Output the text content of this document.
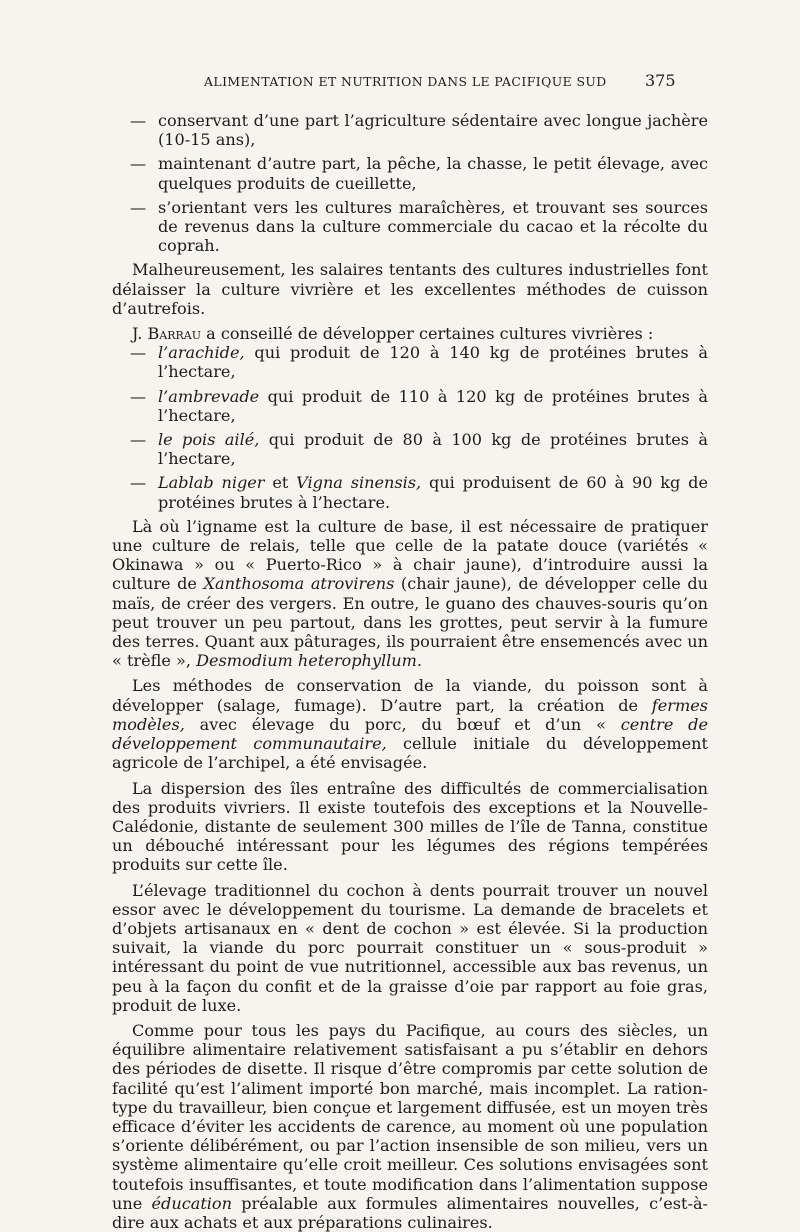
ALIMENTATION ET NUTRITION DANS LE PACIFIQUE SUD	375
— conservant d’une part l’agriculture sédentaire avec longue jachère (10-15 ans),
— maintenant d’autre part, la pêche, la chasse, le petit élevage, avec quelques produits de cueillette,
— s’orientant vers les cultures maraîchères, et trouvant ses sources de revenus dans la culture commerciale du cacao et la récolte du coprah.

Malheureusement, les salaires tentants des cultures industrielles font délaisser la culture vivrière et les excellentes méthodes de cuisson d’autrefois.

J. Barrau a conseillé de développer certaines cultures vivrières :

— l’arachide, qui produit de 120 à 140 kg de protéines brutes à l’hectare,
— l’ambrevade qui produit de 110 à 120 kg de protéines brutes à l’hectare,
— le pois ailé, qui produit de 80 à 100 kg de protéines brutes à l’hectare,
— Lablab niger et Vigna sinensis, qui produisent de 60 à 90 kg de protéines brutes à l’hectare.

Là où l’igname est la culture de base, il est nécessaire de pratiquer une culture de relais, telle que celle de la patate douce (variétés « Okinawa » ou « Puerto-Rico » à chair jaune), d’introduire aussi la culture de Xanthosoma atrovirens (chair jaune), de développer celle du maïs, de créer des vergers. En outre, le guano des chauves-souris qu’on peut trouver un peu partout, dans les grottes, peut servir à la fumure des terres. Quant aux pâturages, ils pourraient être ensemencés avec un « trèfle », Desmodium heterophyllum.

Les méthodes de conservation de la viande, du poisson sont à développer (salage, fumage). D’autre part, la création de fermes modèles, avec élevage du porc, du bœuf et d’un « centre de développement communautaire, cellule initiale du développement agricole de l’archipel, a été envisagée.

La dispersion des îles entraîne des difficultés de commercialisation des produits vivriers. Il existe toutefois des exceptions et la Nouvelle-Calédonie, distante de seulement 300 milles de l’île de Tanna, constitue un débouché intéressant pour les légumes des régions tempérées produits sur cette île.

L’élevage traditionnel du cochon à dents pourrait trouver un nouvel essor avec le développement du tourisme. La demande de bracelets et d’objets artisanaux en « dent de cochon » est élevée. Si la production suivait, la viande du porc pourrait constituer un « sous-produit » intéressant du point de vue nutritionnel, accessible aux bas revenus, un peu à la façon du confit et de la graisse d’oie par rapport au foie gras, produit de luxe.

Comme pour tous les pays du Pacifique, au cours des siècles, un équilibre alimentaire relativement satisfaisant a pu s’établir en dehors des périodes de disette. Il risque d’être compromis par cette solution de facilité qu’est l’aliment importé bon marché, mais incomplet. La ration-type du travailleur, bien conçue et largement diffusée, est un moyen très efficace d’éviter les accidents de carence, au moment où une population s’oriente délibérément, ou par l’action insensible de son milieu, vers un système alimentaire qu’elle croit meilleur. Ces solutions envisagées sont toutefois insuffisantes, et toute modification dans l’alimentation suppose une éducation préalable aux formules alimentaires nouvelles, c’est-à-dire aux achats et aux préparations culinaires.
